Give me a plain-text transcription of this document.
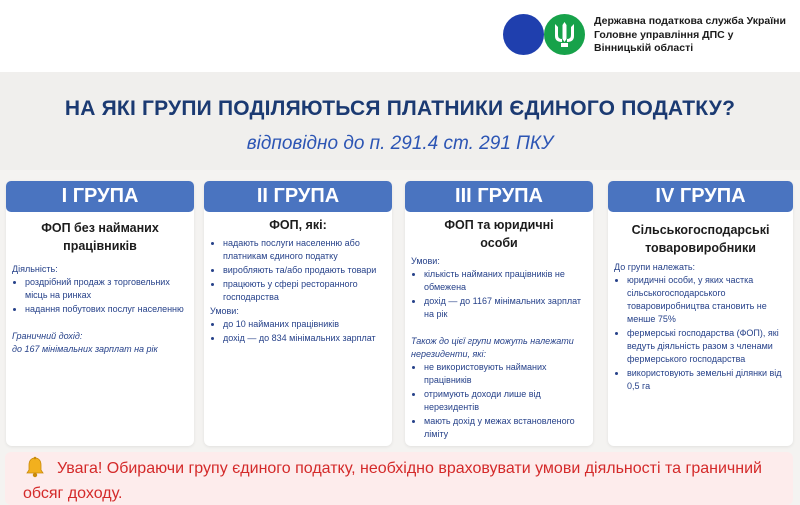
Державна податкова служба України
Головне управління ДПС у
Вінницькій області
НА ЯКІ ГРУПИ ПОДІЛЯЮТЬСЯ ПЛАТНИКИ ЄДИНОГО ПОДАТКУ?
відповідно до п. 291.4 ст. 291 ПКУ
I ГРУПА
ФОП без найманих
працівників
Діяльність:
• роздрібний продаж з торговельних місць на ринках
• надання побутових послуг населенню
Граничний дохід:
до 167 мінімальних зарплат на рік
II ГРУПА
ФОП, які:
• надають послуги населенню або платникам єдиного податку
• виробляють та/або продають товари
• працюють у сфері ресторанного господарства
Умови:
• до 10 найманих працівників
• дохід — до 834 мінімальних зарплат
III ГРУПА
ФОП та юридичні
особи
Умови:
• кількість найманих працівників не обмежена
• дохід — до 1167 мінімальних зарплат на рік
Також до цієї групи можуть належати нерезиденти, які:
• не використовують найманих працівників
• отримують доходи лише від нерезидентів
• мають дохід у межах встановленого ліміту
IV ГРУПА
Сільськогосподарські
товаровиробники
До групи належать:
• юридичні особи, у яких частка сільськогосподарського товаровиробництва становить не менше 75%
• фермерські господарства (ФОП), які ведуть діяльність разом з членами фермерського господарства
• використовують земельні ділянки від 0,5 га
Увага! Обираючи групу єдиного податку, необхідно враховувати умови діяльності та граничний обсяг доходу.
